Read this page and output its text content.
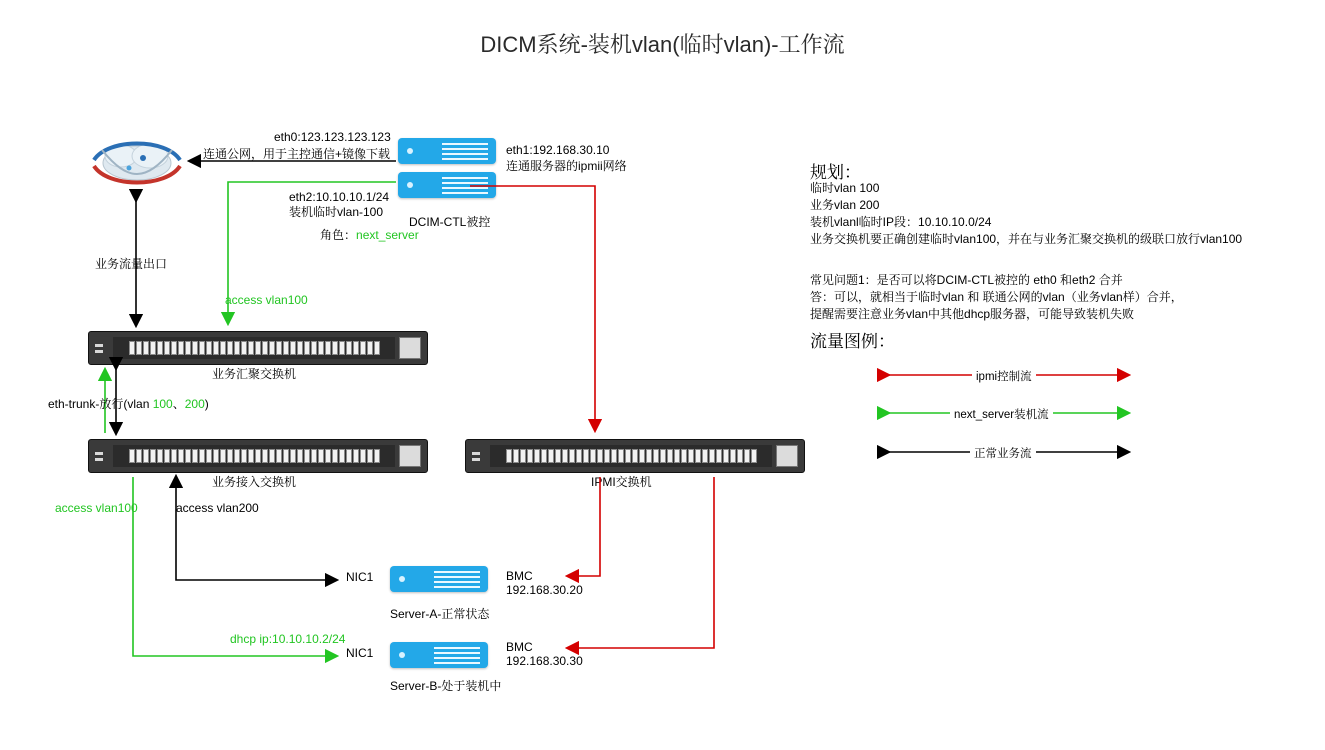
DICM系统-装机vlan(临时vlan)-工作流
DCIM-CTL被控
业务汇聚交换机
业务接入交换机	IPMI交换机
Server-A-正常状态
BMC
192.168.30.20
NIC1
Server-B-处于装机中
BMC
192.168.30.30
NIC1
eth0:123.123.123.123
连通公网，用于主控通信+镜像下载	eth1:192.168.30.10
连通服务器的ipmii网络
eth2:10.10.10.1/24
装机临时vlan-100
角色：next_server
access vlan100
业务流量出口
eth-trunk-放行(vlan 100、200)
access vlan100	access vlan200
dhcp ip:10.10.10.2/24
规划：
临时vlan 100
业务vlan 200
装机vlanl临时IP段：10.10.10.0/24
业务交换机要正确创建临时vlan100，并在与业务汇聚交换机的级联口放行vlan100
常见问题1：是否可以将DCIM-CTL被控的 eth0 和eth2 合并
答：可以，就相当于临时vlan 和 联通公网的vlan（业务vlan样）合并，
提醒需要注意业务vlan中其他dhcp服务器，可能导致装机失败
流量图例：
ipmi控制流
next_server装机流
正常业务流
